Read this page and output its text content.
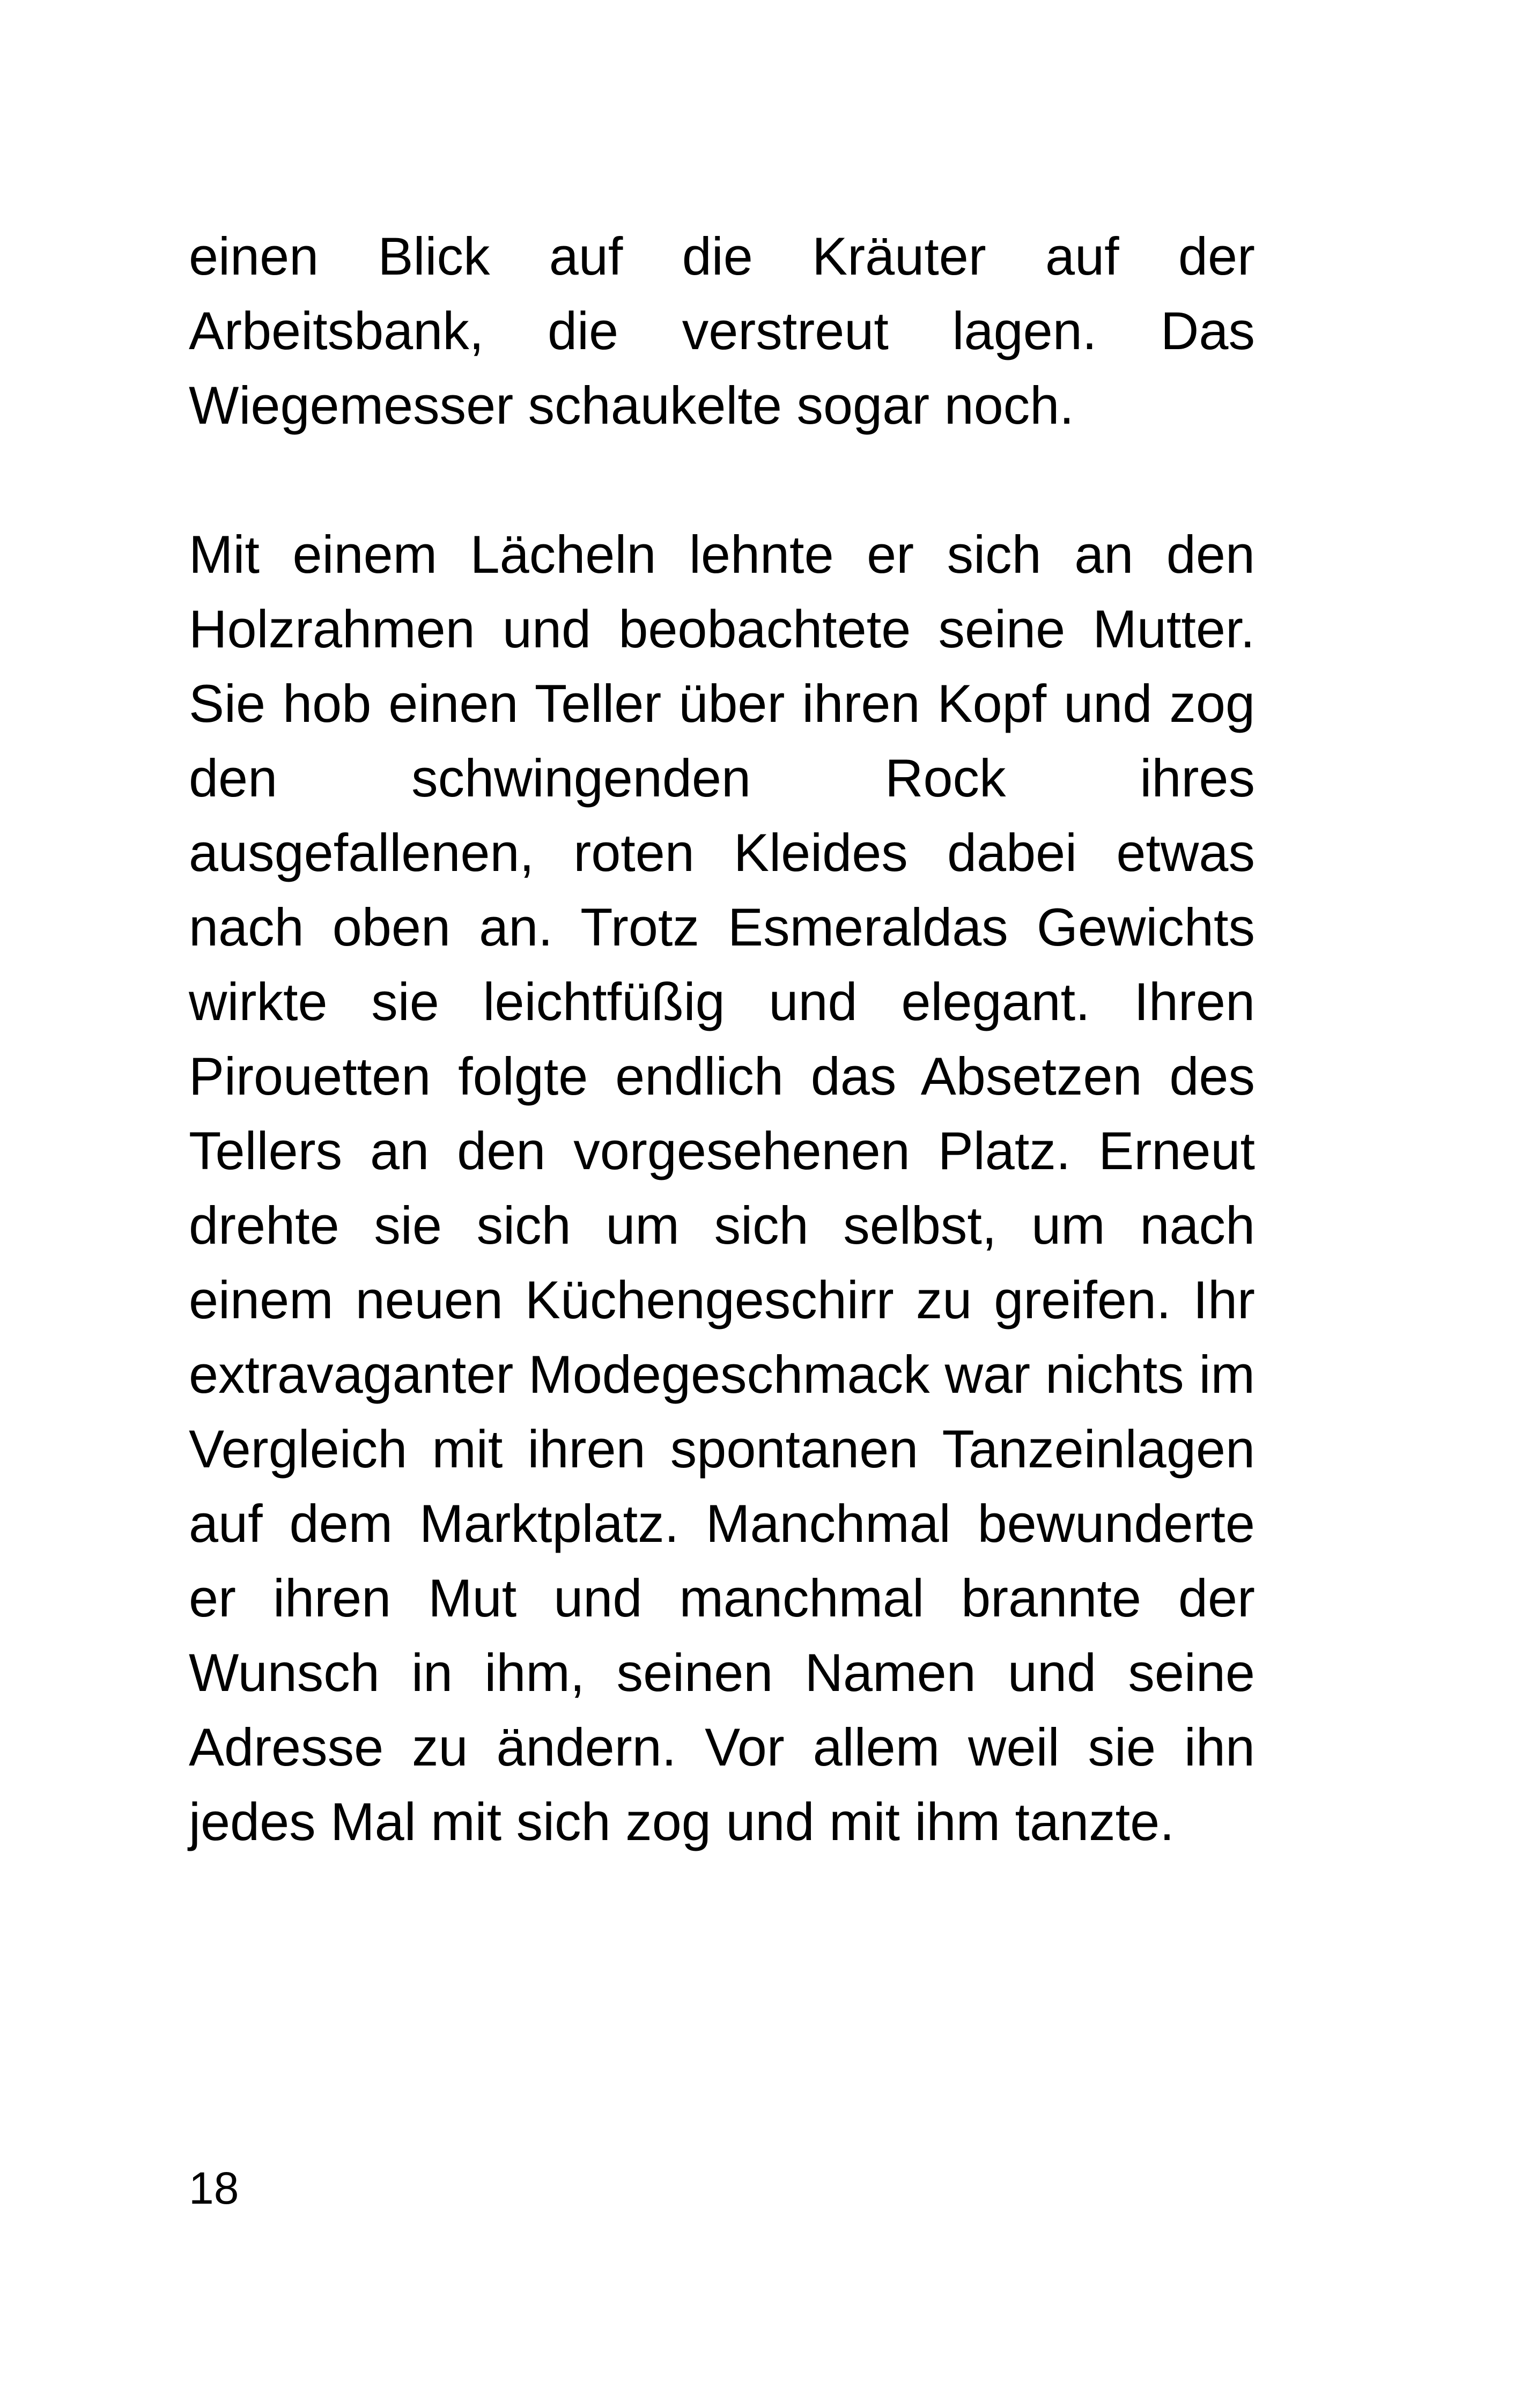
einen Blick auf die Kräuter auf der Arbeitsbank, die verstreut lagen. Das Wiegemesser schaukelte sogar noch.

Mit einem Lächeln lehnte er sich an den Holzrahmen und beobachtete seine Mutter. Sie hob einen Teller über ihren Kopf und zog den schwingenden Rock ihres ausgefallenen, roten Kleides dabei etwas nach oben an. Trotz Esmeraldas Gewichts wirkte sie leichtfüßig und elegant. Ihren Pirouetten folgte endlich das Absetzen des Tellers an den vorgesehenen Platz. Erneut drehte sie sich um sich selbst, um nach einem neuen Küchengeschirr zu greifen. Ihr extravaganter Modegeschmack war nichts im Vergleich mit ihren spontanen Tanzeinlagen auf dem Marktplatz. Manchmal bewunderte er ihren Mut und manchmal brannte der Wunsch in ihm, seinen Namen und seine Adresse zu ändern. Vor allem weil sie ihn jedes Mal mit sich zog und mit ihm tanzte.

18
